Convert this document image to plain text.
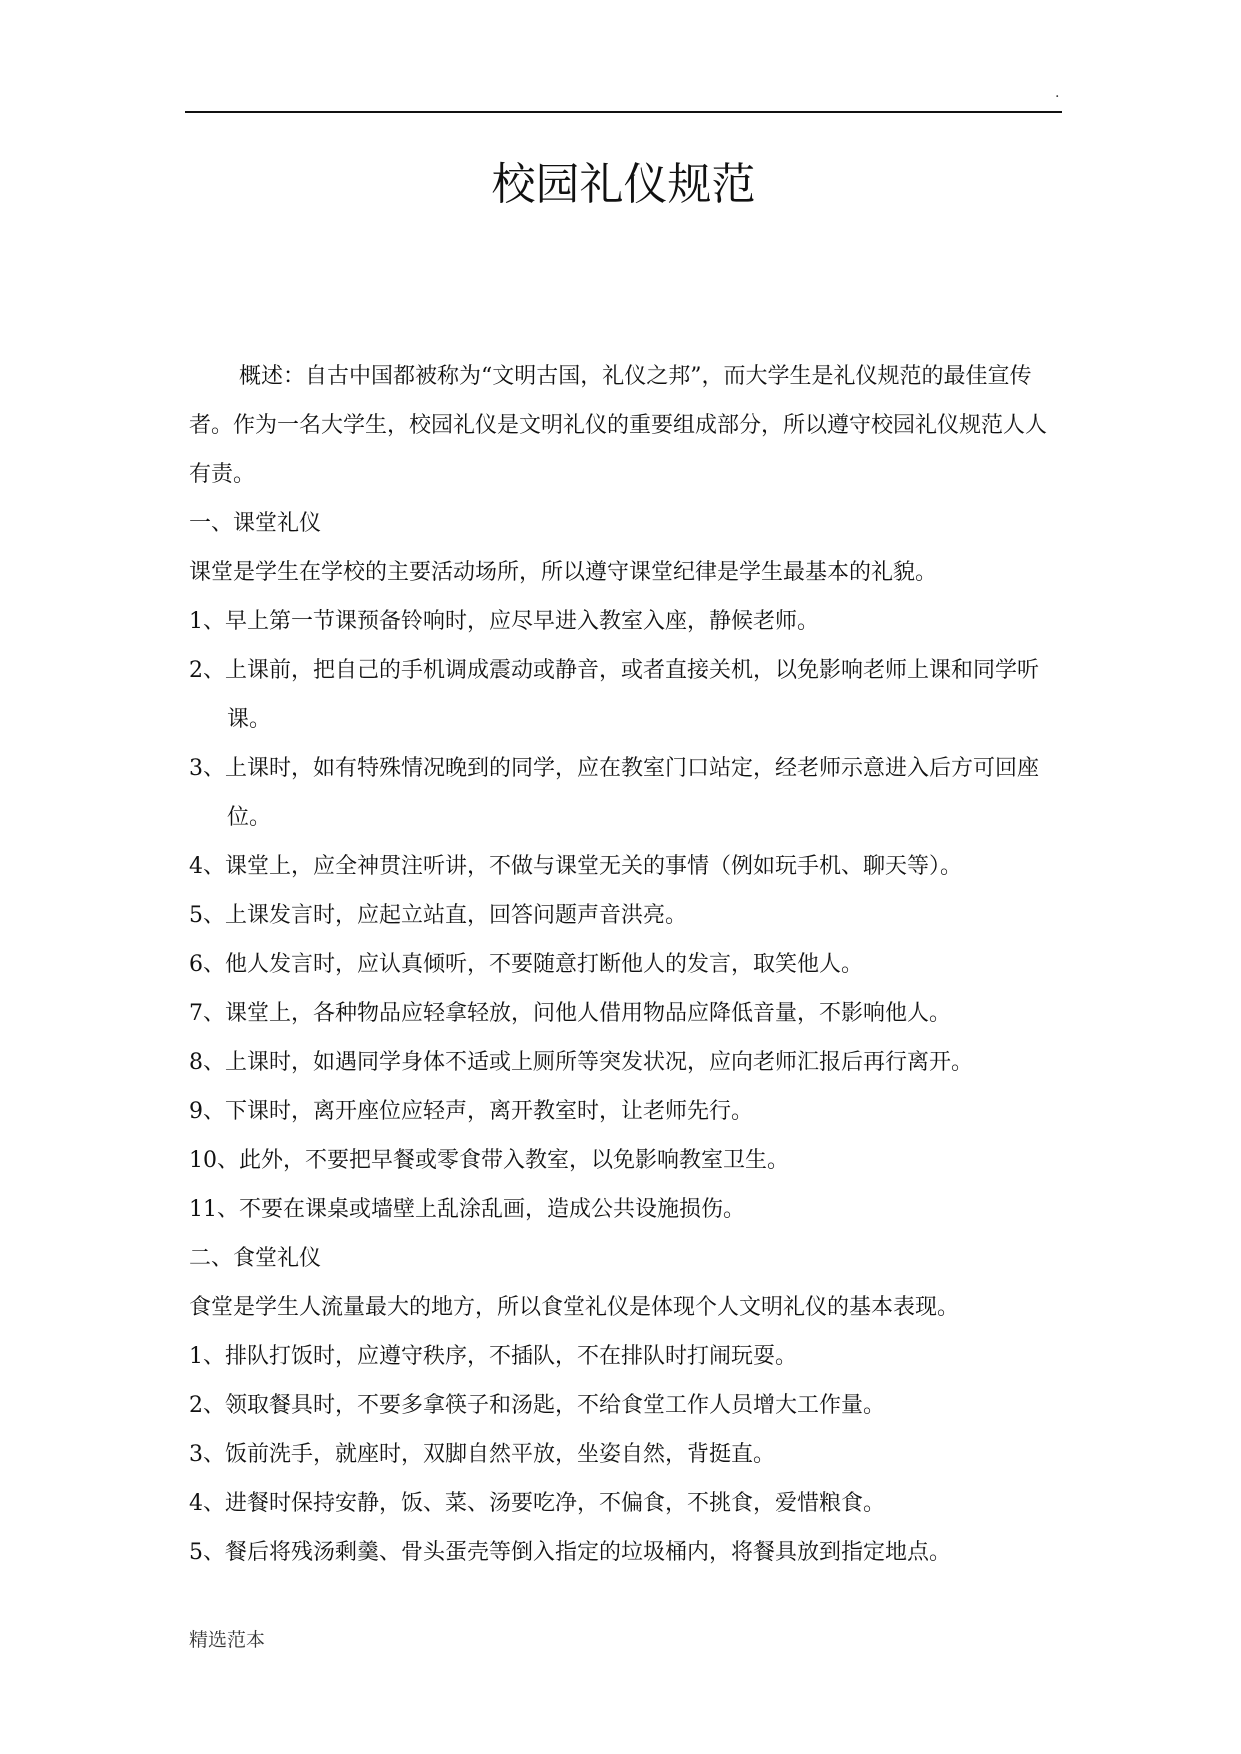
.
校园礼仪规范

概述：自古中国都被称为“文明古国，礼仪之邦”，而大学生是礼仪规范的最佳宣传者。作为一名大学生，校园礼仪是文明礼仪的重要组成部分，所以遵守校园礼仪规范人人有责。

一、课堂礼仪

课堂是学生在学校的主要活动场所，所以遵守课堂纪律是学生最基本的礼貌。

1、早上第一节课预备铃响时，应尽早进入教室入座，静候老师。

2、上课前，把自己的手机调成震动或静音，或者直接关机，以免影响老师上课和同学听课。

3、上课时，如有特殊情况晚到的同学，应在教室门口站定，经老师示意进入后方可回座位。

4、课堂上，应全神贯注听讲，不做与课堂无关的事情（例如玩手机、聊天等）。

5、上课发言时，应起立站直，回答问题声音洪亮。

6、他人发言时，应认真倾听，不要随意打断他人的发言，取笑他人。

7、课堂上，各种物品应轻拿轻放，问他人借用物品应降低音量，不影响他人。

8、上课时，如遇同学身体不适或上厕所等突发状况，应向老师汇报后再行离开。

9、下课时，离开座位应轻声，离开教室时，让老师先行。

10、此外，不要把早餐或零食带入教室，以免影响教室卫生。

11、不要在课桌或墙壁上乱涂乱画，造成公共设施损伤。

二、食堂礼仪

食堂是学生人流量最大的地方，所以食堂礼仪是体现个人文明礼仪的基本表现。

1、排队打饭时，应遵守秩序，不插队，不在排队时打闹玩耍。

2、领取餐具时，不要多拿筷子和汤匙，不给食堂工作人员增大工作量。

3、饭前洗手，就座时，双脚自然平放，坐姿自然，背挺直。

4、进餐时保持安静，饭、菜、汤要吃净，不偏食，不挑食，爱惜粮食。

5、餐后将残汤剩羹、骨头蛋壳等倒入指定的垃圾桶内，将餐具放到指定地点。

精选范本
